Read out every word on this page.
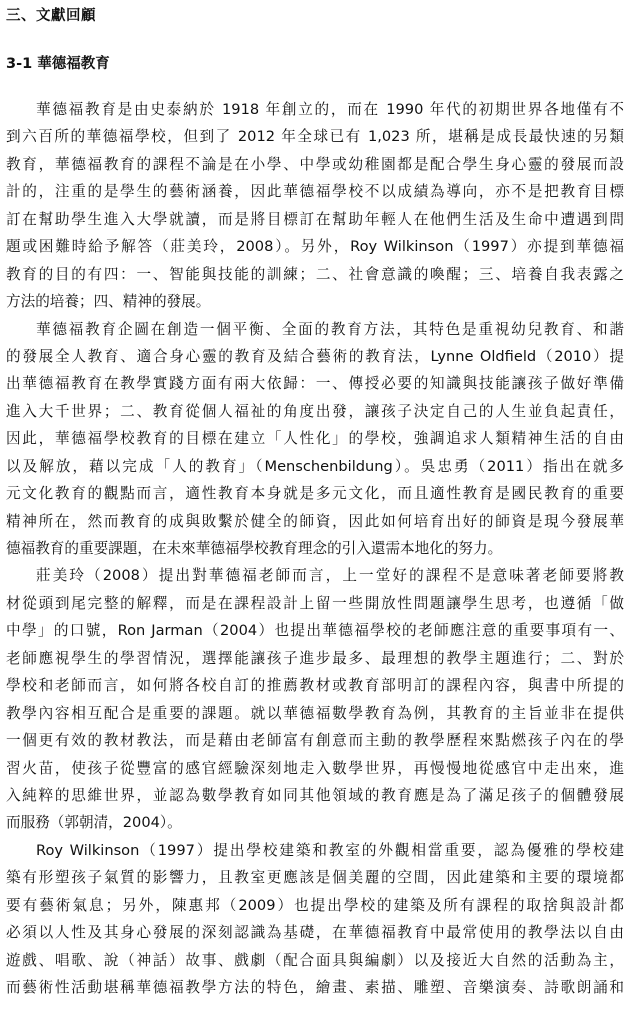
三、文獻回顧
3-1 華德福教育
華德福教育是由史泰納於 1918 年創立的，而在 1990 年代的初期世界各地僅有不
到六百所的華德福學校，但到了 2012 年全球已有 1,023 所，堪稱是成長最快速的另類
教育，華德福教育的課程不論是在小學、中學或幼稚園都是配合學生身心靈的發展而設
計的，注重的是學生的藝術涵養，因此華德福學校不以成績為導向，亦不是把教育目標
訂在幫助學生進入大學就讀，而是將目標訂在幫助年輕人在他們生活及生命中遭遇到問
題或困難時給予解答（莊美玲，2008）。另外，Roy Wilkinson（1997）亦提到華德福
教育的目的有四：一、智能與技能的訓練；二、社會意識的喚醒；三、培養自我表露之
方法的培養；四、精神的發展。
華德福教育企圖在創造一個平衡、全面的教育方法，其特色是重視幼兒教育、和諧
的發展全人教育、適合身心靈的教育及結合藝術的教育法，Lynne Oldfield（2010）提
出華德福教育在教學實踐方面有兩大依歸：一、傳授必要的知識與技能讓孩子做好準備
進入大千世界；二、教育從個人福祉的角度出發，讓孩子決定自己的人生並負起責任，
因此，華德福學校教育的目標在建立「人性化」的學校，強調追求人類精神生活的自由
以及解放，藉以完成「人的教育」（Menschenbildung）。吳忠勇（2011）指出在就多
元文化教育的觀點而言，適性教育本身就是多元文化，而且適性教育是國民教育的重要
精神所在，然而教育的成與敗繫於健全的師資，因此如何培育出好的師資是現今發展華
德福教育的重要課題，在未來華德福學校教育理念的引入還需本地化的努力。
莊美玲（2008）提出對華德福老師而言，上一堂好的課程不是意味著老師要將教
材從頭到尾完整的解釋，而是在課程設計上留一些開放性問題讓學生思考，也遵循「做
中學」的口號，Ron Jarman（2004）也提出華德福學校的老師應注意的重要事項有一、
老師應視學生的學習情況，選擇能讓孩子進步最多、最理想的教學主題進行；二、對於
學校和老師而言，如何將各校自訂的推薦教材或教育部明訂的課程內容，與書中所提的
教學內容相互配合是重要的課題。就以華德福數學教育為例，其教育的主旨並非在提供
一個更有效的教材教法，而是藉由老師富有創意而主動的教學歷程來點燃孩子內在的學
習火苗，使孩子從豐富的感官經驗深刻地走入數學世界，再慢慢地從感官中走出來，進
入純粹的思維世界，並認為數學教育如同其他領域的教育應是為了滿足孩子的個體發展
而服務（郭朝清，2004）。
Roy Wilkinson（1997）提出學校建築和教室的外觀相當重要，認為優雅的學校建
築有形塑孩子氣質的影響力，且教室更應該是個美麗的空間，因此建築和主要的環境都
要有藝術氣息；另外，陳惠邦（2009）也提出學校的建築及所有課程的取捨與設計都
必須以人性及其身心發展的深刻認識為基礎，在華德福教育中最常使用的教學法以自由
遊戲、唱歌、說（神話）故事、戲劇（配合面具與編劇）以及接近大自然的活動為主，
而藝術性活動堪稱華德福教學方法的特色，繪畫、素描、雕塑、音樂演奏、詩歌朗誦和
